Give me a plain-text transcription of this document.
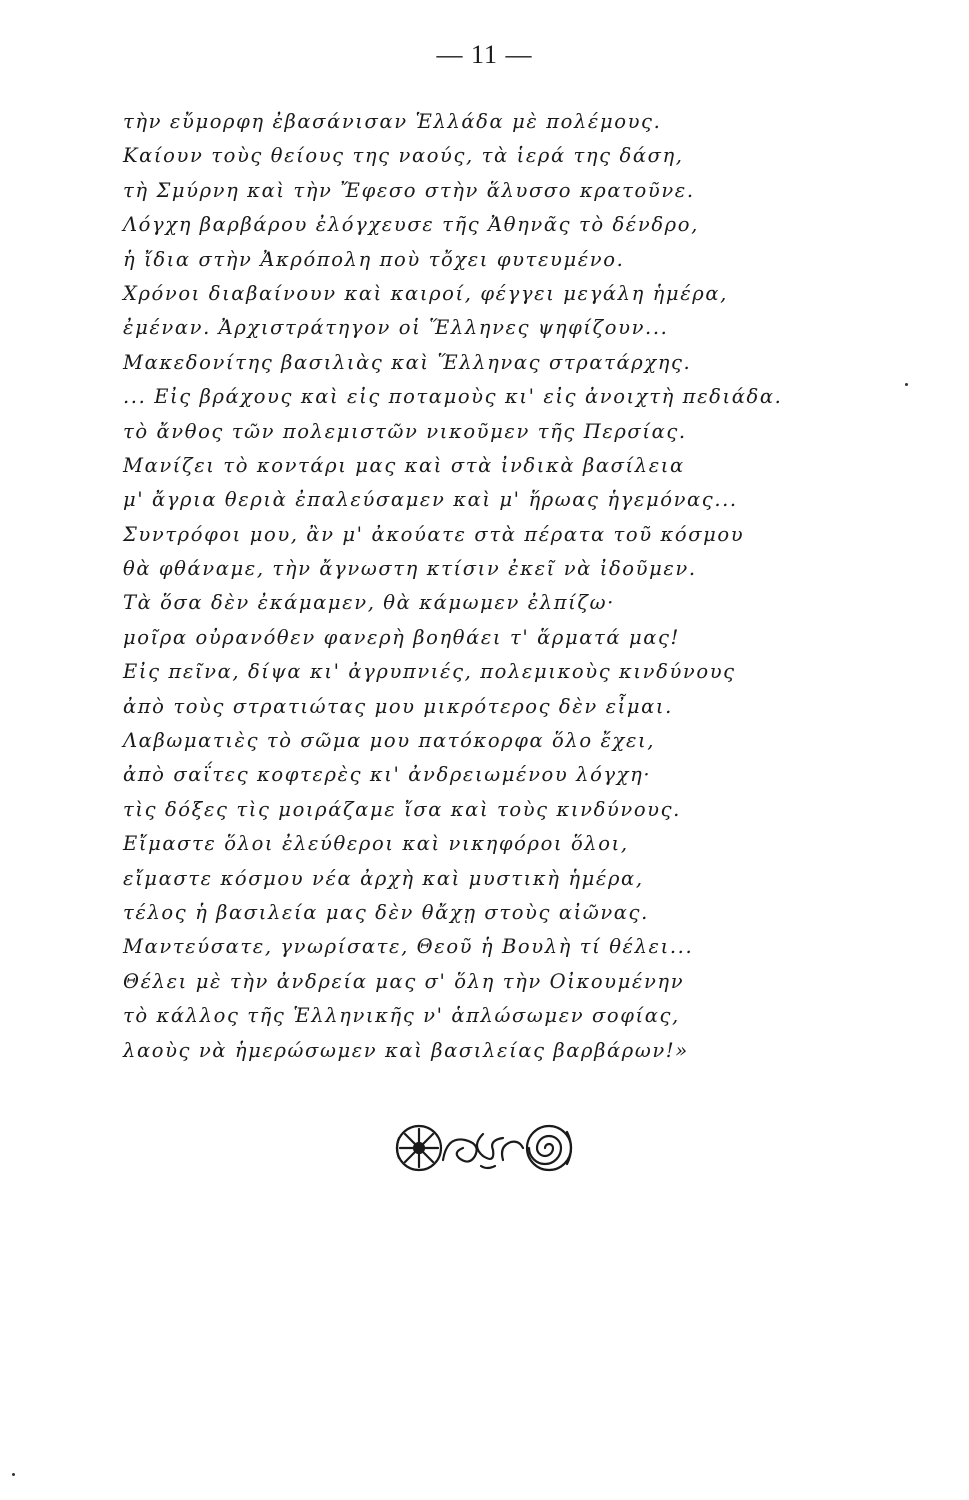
— 11 —
τὴν εὔμορφη ἐβασάνισαν Ἑλλάδα μὲ πολέμους.
Καίουν τοὺς θείους της ναούς, τὰ ἱερά της δάση,
τὴ Σμύρνη καὶ τὴν Ἔφεσο στὴν ἅλυσσο κρατοῦνε.
Λόγχη βαρβάρου ἐλόγχευσε τῆς Ἀθηνᾶς τὸ δένδρο,
ἡ ἴδια στὴν Ἀκρόπολη ποὺ τὄχει φυτευμένο.
Χρόνοι διαβαίνουν καὶ καιροί, φέγγει μεγάλη ἡμέρα,
ἐμέναν. Ἀρχιστράτηγον οἱ Ἕλληνες ψηφίζουν...
Μακεδονίτης βασιλιὰς καὶ Ἕλληνας στρατάρχης.
... Εἰς βράχους καὶ εἰς ποταμοὺς κι' εἰς ἀνοιχτὴ πεδιάδα.
τὸ ἄνθος τῶν πολεμιστῶν νικοῦμεν τῆς Περσίας.
Μανίζει τὸ κοντάρι μας καὶ στὰ ἰνδικὰ βασίλεια
μ' ἄγρια θεριὰ ἐπαλεύσαμεν καὶ μ' ἥρωας ἡγεμόνας...
Συντρόφοι μου, ἂν μ' ἀκούατε στὰ πέρατα τοῦ κόσμου
θὰ φθάναμε, τὴν ἄγνωστη κτίσιν ἐκεῖ νὰ ἰδοῦμεν.
Τὰ ὅσα δὲν ἐκάμαμεν, θὰ κάμωμεν ἐλπίζω·
μοῖρα οὐρανόθεν φανερὴ βοηθάει τ' ἅρματά μας!
Εἰς πεῖνα, δίψα κι' ἀγρυπνιές, πολεμικοὺς κινδύνους
ἀπὸ τοὺς στρατιώτας μου μικρότερος δὲν εἶμαι.
Λαβωματιὲς τὸ σῶμα μου πατόκορφα ὅλο ἔχει,
ἀπὸ σαΐτες κοφτερὲς κι' ἀνδρειωμένου λόγχη·
τὶς δόξες τὶς μοιράζαμε ἴσα καὶ τοὺς κινδύνους.
Εἴμαστε ὅλοι ἐλεύθεροι καὶ νικηφόροι ὅλοι,
εἴμαστε κόσμου νέα ἀρχὴ καὶ μυστικὴ ἡμέρα,
τέλος ἡ βασιλεία μας δὲν θἄχῃ στοὺς αἰῶνας.
Μαντεύσατε, γνωρίσατε, Θεοῦ ἡ Βουλὴ τί θέλει...
Θέλει μὲ τὴν ἀνδρεία μας σ' ὅλη τὴν Οἰκουμένην
τὸ κάλλος τῆς Ἑλληνικῆς ν' ἁπλώσωμεν σοφίας,
λαοὺς νὰ ἡμερώσωμεν καὶ βασιλείας βαρβάρων!»
